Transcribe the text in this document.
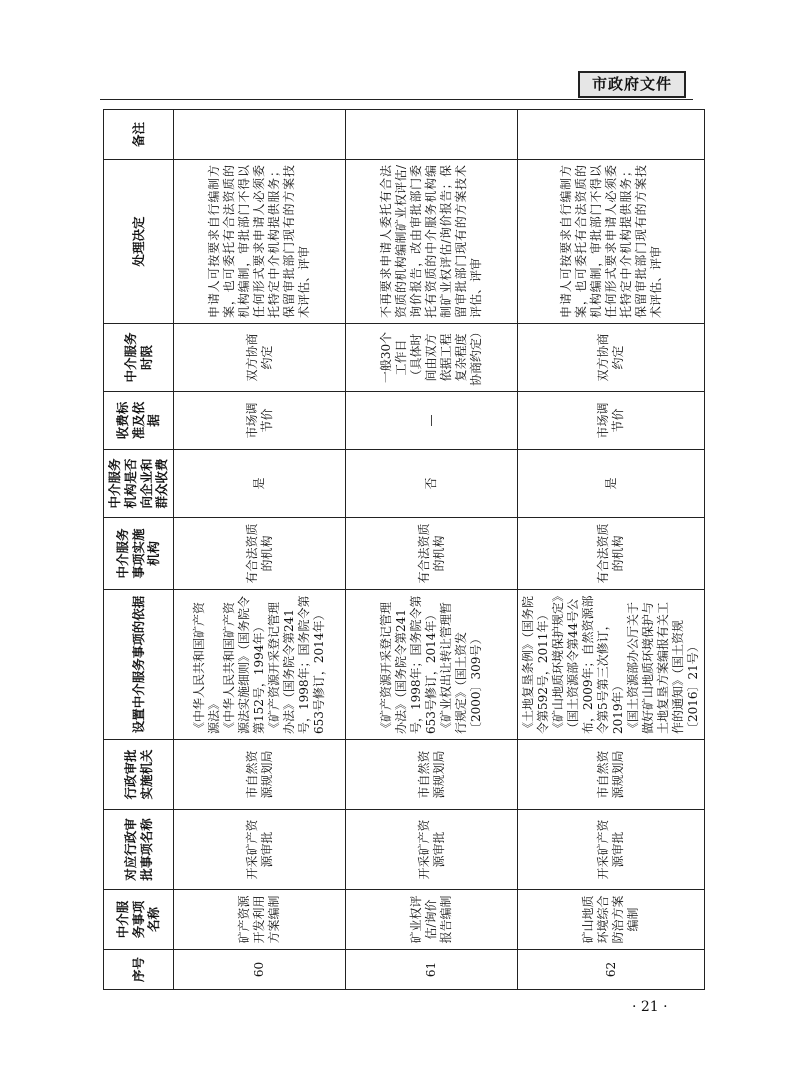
市政府文件
序号	中介服务事项名称	对应行政审批事项名称	行政审批实施机关	设置中介服务事项的依据	中介服务事项实施机构	中介服务机构是否向企业和群众收费	收费标准及依据	中介服务时限	处理决定	备注
60	矿产资源开发利用方案编制	开采矿产资源审批	市自然资源规划局	《中华人民共和国矿产资源法》
《中华人民共和国矿产资源法实施细则》（国务院令第152号，1994年）
《矿产资源开采登记管理办法》（国务院令第241号，1998年；国务院令第653号修订，2014年）	有合法资质的机构	是	市场调节价	双方协商约定	申请人可按要求自行编制方案，也可委托有合法资质的机构编制，审批部门不得以任何形式要求申请人必须委托特定中介机构提供服务；保留审批部门现有的方案技术评估、评审	
61	矿业权评估/询价报告编制	开采矿产资源审批	市自然资源规划局	《矿产资源开采登记管理办法》（国务院令第241号，1998年；国务院令第653号修订，2014年）
《矿业权出让转让管理暂行规定》（国土资发〔2000〕309号）	有合法资质的机构	否	—	一般30个工作日（具体时间由双方依据工程复杂程度协商约定）	不再要求申请人委托有合法资质的机构编制矿业权评估/询价报告，改由审批部门委托有资质的中介服务机构编制矿业权评估/询价报告；保留审批部门现有的方案技术评估、评审	
62	矿山地质环境综合防治方案编制	开采矿产资源审批	市自然资源规划局	《土地复垦条例》（国务院令第592号，2011年）
《矿山地质环境保护规定》（国土资源部令第44号公布，2009年；自然资源部令第5号第三次修订，2019年）
《国土资源部办公厅关于做好矿山地质环境保护与土地复垦方案编报有关工作的通知》（国土资规〔2016〕21号）	有合法资质的机构	是	市场调节价	双方协商约定	申请人可按要求自行编制方案，也可委托有合法资质的机构编制，审批部门不得以任何形式要求申请人必须委托特定中介机构提供服务；保留审批部门现有的方案技术评估、评审	
· 21 ·
